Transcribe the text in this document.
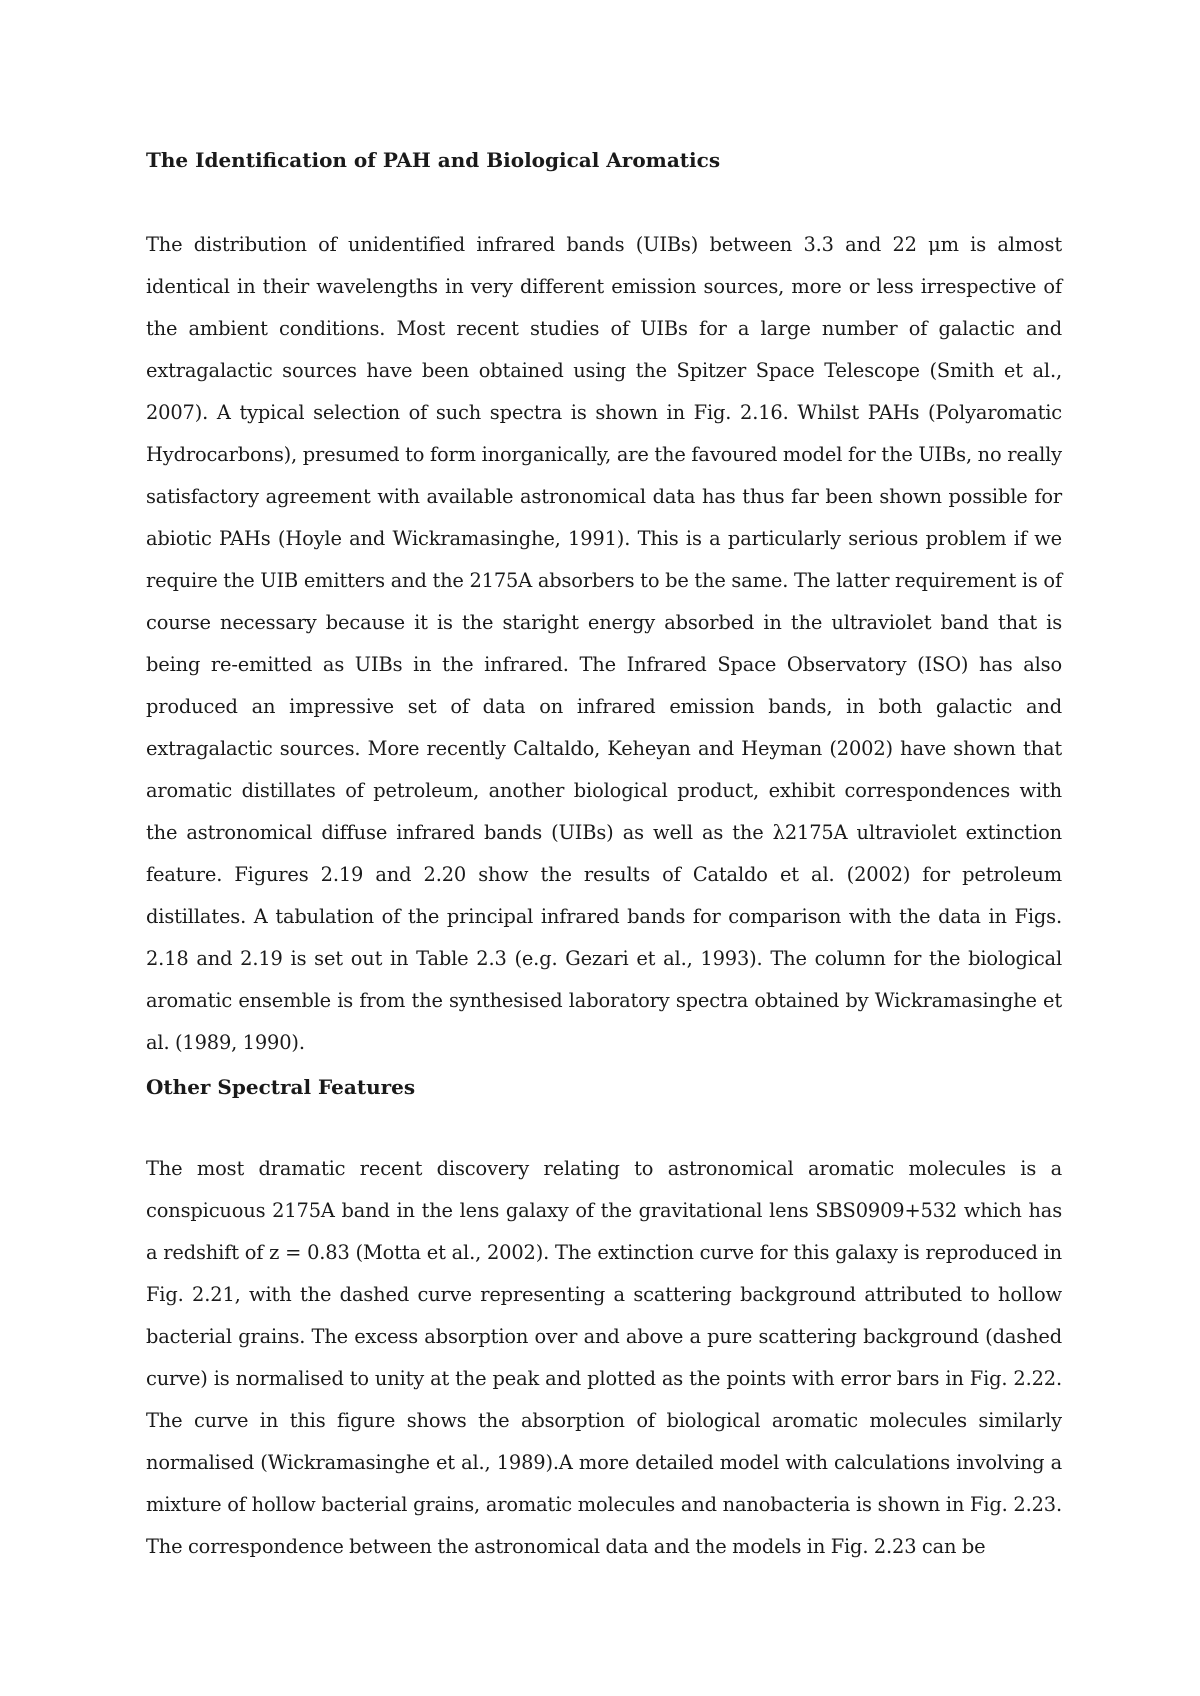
The Identification of PAH and Biological Aromatics

The distribution of unidentified infrared bands (UIBs) between 3.3 and 22 μm is almost identical in their wavelengths in very different emission sources, more or less irrespective of the ambient conditions. Most recent studies of UIBs for a large number of galactic and extragalactic sources have been obtained using the Spitzer Space Telescope (Smith et al., 2007). A typical selection of such spectra is shown in Fig. 2.16. Whilst PAHs (Polyaromatic Hydrocarbons), presumed to form inorganically, are the favoured model for the UIBs, no really satisfactory agreement with available astronomical data has thus far been shown possible for abiotic PAHs (Hoyle and Wickramasinghe, 1991). This is a particularly serious problem if we require the UIB emitters and the 2175A absorbers to be the same. The latter requirement is of course necessary because it is the staright energy absorbed in the ultraviolet band that is being re-emitted as UIBs in the infrared. The Infrared Space Observatory (ISO) has also produced an impressive set of data on infrared emission bands, in both galactic and extragalactic sources. More recently Caltaldo, Keheyan and Heyman (2002) have shown that aromatic distillates of petroleum, another biological product, exhibit correspondences with the astronomical diffuse infrared bands (UIBs) as well as the λ2175A ultraviolet extinction feature. Figures 2.19 and 2.20 show the results of Cataldo et al. (2002) for petroleum distillates. A tabulation of the principal infrared bands for comparison with the data in Figs. 2.18 and 2.19 is set out in Table 2.3 (e.g. Gezari et al., 1993). The column for the biological aromatic ensemble is from the synthesised laboratory spectra obtained by Wickramasinghe et al. (1989, 1990).

Other Spectral Features

The most dramatic recent discovery relating to astronomical aromatic molecules is a conspicuous 2175A band in the lens galaxy of the gravitational lens SBS0909+532 which has a redshift of z = 0.83 (Motta et al., 2002). The extinction curve for this galaxy is reproduced in Fig. 2.21, with the dashed curve representing a scattering background attributed to hollow bacterial grains. The excess absorption over and above a pure scattering background (dashed curve) is normalised to unity at the peak and plotted as the points with error bars in Fig. 2.22. The curve in this figure shows the absorption of biological aromatic molecules similarly normalised (Wickramasinghe et al., 1989).A more detailed model with calculations involving a mixture of hollow bacterial grains, aromatic molecules and nanobacteria is shown in Fig. 2.23. The correspondence between the astronomical data and the models in Fig. 2.23 can be
